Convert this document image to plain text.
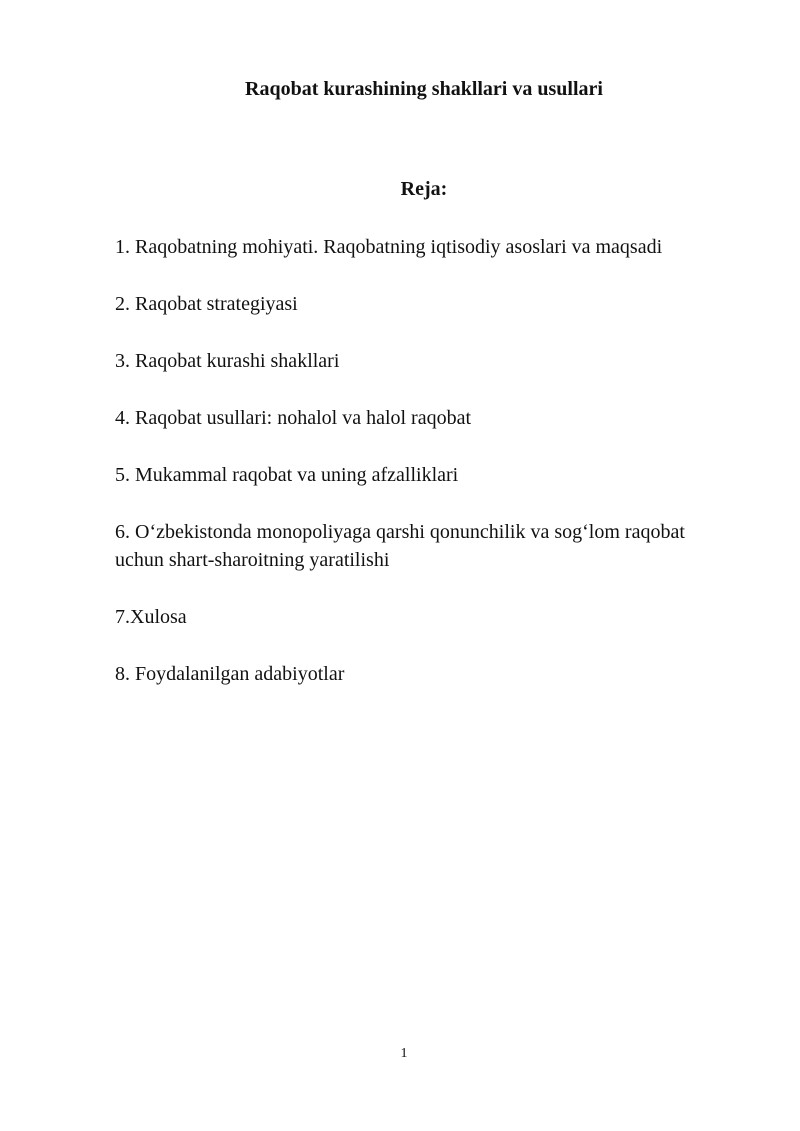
Raqobat kurashining shakllari va usullari
Reja:
1. Raqobatning mohiyati. Raqobatning iqtisodiy asoslari va maqsadi
2. Raqobat strategiyasi
3. Raqobat kurashi shakllari
4. Raqobat usullari: nohalol va halol raqobat
5. Mukammal raqobat va uning afzalliklari
6. O‘zbekistonda monopoliyaga qarshi qonunchilik va sog‘lom raqobat uchun shart-sharoitning yaratilishi
7.Xulosa
8. Foydalanilgan adabiyotlar
1
